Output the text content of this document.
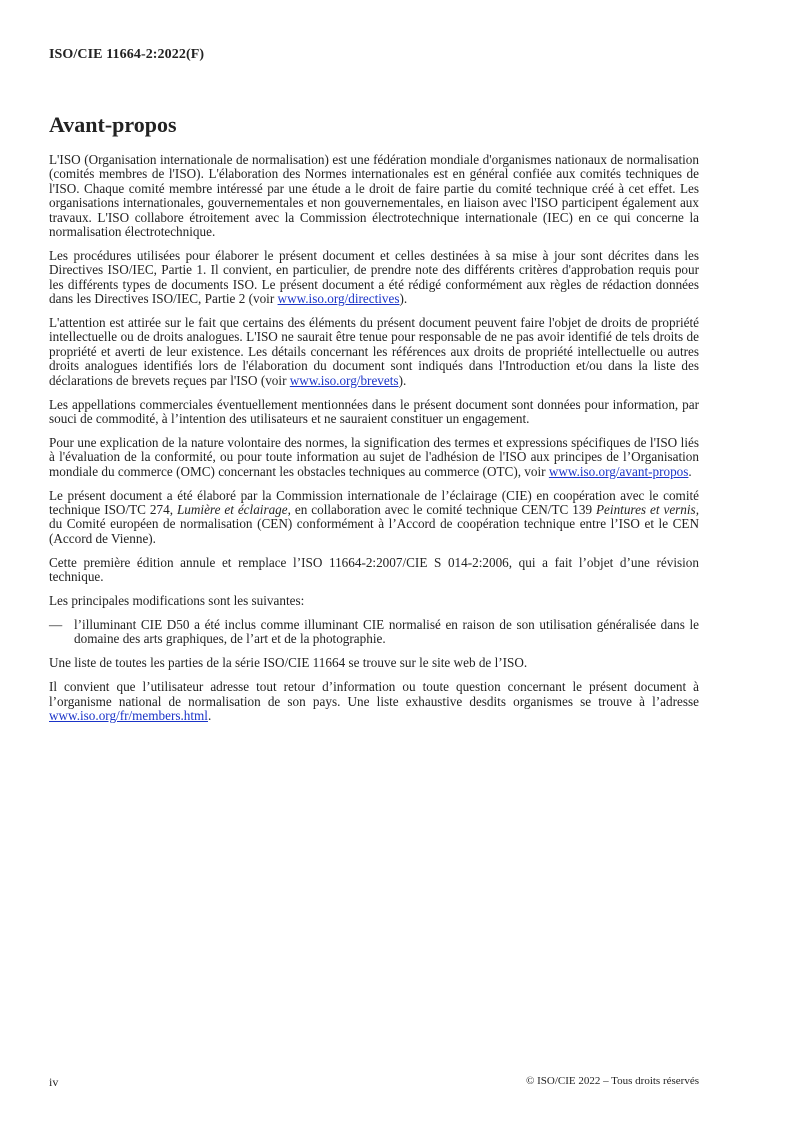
ISO/CIE 11664-2:2022(F)
Avant-propos

L'ISO (Organisation internationale de normalisation) est une fédération mondiale d'organismes nationaux de normalisation (comités membres de l'ISO). L'élaboration des Normes internationales est en général confiée aux comités techniques de l'ISO. Chaque comité membre intéressé par une étude a le droit de faire partie du comité technique créé à cet effet. Les organisations internationales, gouvernementales et non gouvernementales, en liaison avec l'ISO participent également aux travaux. L'ISO collabore étroitement avec la Commission électrotechnique internationale (IEC) en ce qui concerne la normalisation électrotechnique.

Les procédures utilisées pour élaborer le présent document et celles destinées à sa mise à jour sont décrites dans les Directives ISO/IEC, Partie 1. Il convient, en particulier, de prendre note des différents critères d'approbation requis pour les différents types de documents ISO. Le présent document a été rédigé conformément aux règles de rédaction données dans les Directives ISO/IEC, Partie 2 (voir www.iso.org/directives).

L'attention est attirée sur le fait que certains des éléments du présent document peuvent faire l'objet de droits de propriété intellectuelle ou de droits analogues. L'ISO ne saurait être tenue pour responsable de ne pas avoir identifié de tels droits de propriété et averti de leur existence. Les détails concernant les références aux droits de propriété intellectuelle ou autres droits analogues identifiés lors de l'élaboration du document sont indiqués dans l'Introduction et/ou dans la liste des déclarations de brevets reçues par l'ISO (voir www.iso.org/brevets).

Les appellations commerciales éventuellement mentionnées dans le présent document sont données pour information, par souci de commodité, à l’intention des utilisateurs et ne sauraient constituer un engagement.

Pour une explication de la nature volontaire des normes, la signification des termes et expressions spécifiques de l'ISO liés à l'évaluation de la conformité, ou pour toute information au sujet de l'adhésion de l'ISO aux principes de l’Organisation mondiale du commerce (OMC) concernant les obstacles techniques au commerce (OTC), voir www.iso.org/avant-propos.

Le présent document a été élaboré par la Commission internationale de l’éclairage (CIE) en coopération avec le comité technique ISO/TC 274, Lumière et éclairage, en collaboration avec le comité technique CEN/TC 139 Peintures et vernis, du Comité européen de normalisation (CEN) conformément à l’Accord de coopération technique entre l’ISO et le CEN (Accord de Vienne).

Cette première édition annule et remplace l’ISO 11664-2:2007/CIE S 014-2:2006, qui a fait l’objet d’une révision technique.

Les principales modifications sont les suivantes:

— l’illuminant CIE D50 a été inclus comme illuminant CIE normalisé en raison de son utilisation généralisée dans le domaine des arts graphiques, de l’art et de la photographie.

Une liste de toutes les parties de la série ISO/CIE 11664 se trouve sur le site web de l’ISO.

Il convient que l’utilisateur adresse tout retour d’information ou toute question concernant le présent document à l’organisme national de normalisation de son pays. Une liste exhaustive desdits organismes se trouve à l’adresse www.iso.org/fr/members.html.

iv	© ISO/CIE 2022 – Tous droits réservés
